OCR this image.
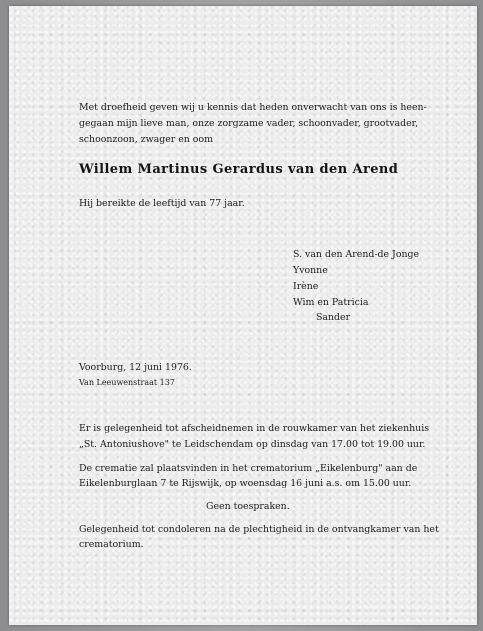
Met droefheid geven wij u kennis dat heden onverwacht van ons is heen-
gegaan mijn lieve man, onze zorgzame vader, schoonvader, grootvader,
schoonzoon, zwager en oom
Willem Martinus Gerardus van den Arend
Hij bereikte de leeftijd van 77 jaar.
S. van den Arend-de Jonge
Yvonne
Irène
Wim en Patricia
Sander
Voorburg, 12 juni 1976.
Van Leeuwenstraat 137
Er is gelegenheid tot afscheidnemen in de rouwkamer van het ziekenhuis
„St. Antoniushove" te Leidschendam op dinsdag van 17.00 tot 19.00 uur.
De crematie zal plaatsvinden in het crematorium „Eikelenburg" aan de
Eikelenburglaan 7 te Rijswijk, op woensdag 16 juni a.s. om 15.00 uur.
Geen toespraken.
Gelegenheid tot condoleren na de plechtigheid in de ontvangkamer van het
crematorium.
